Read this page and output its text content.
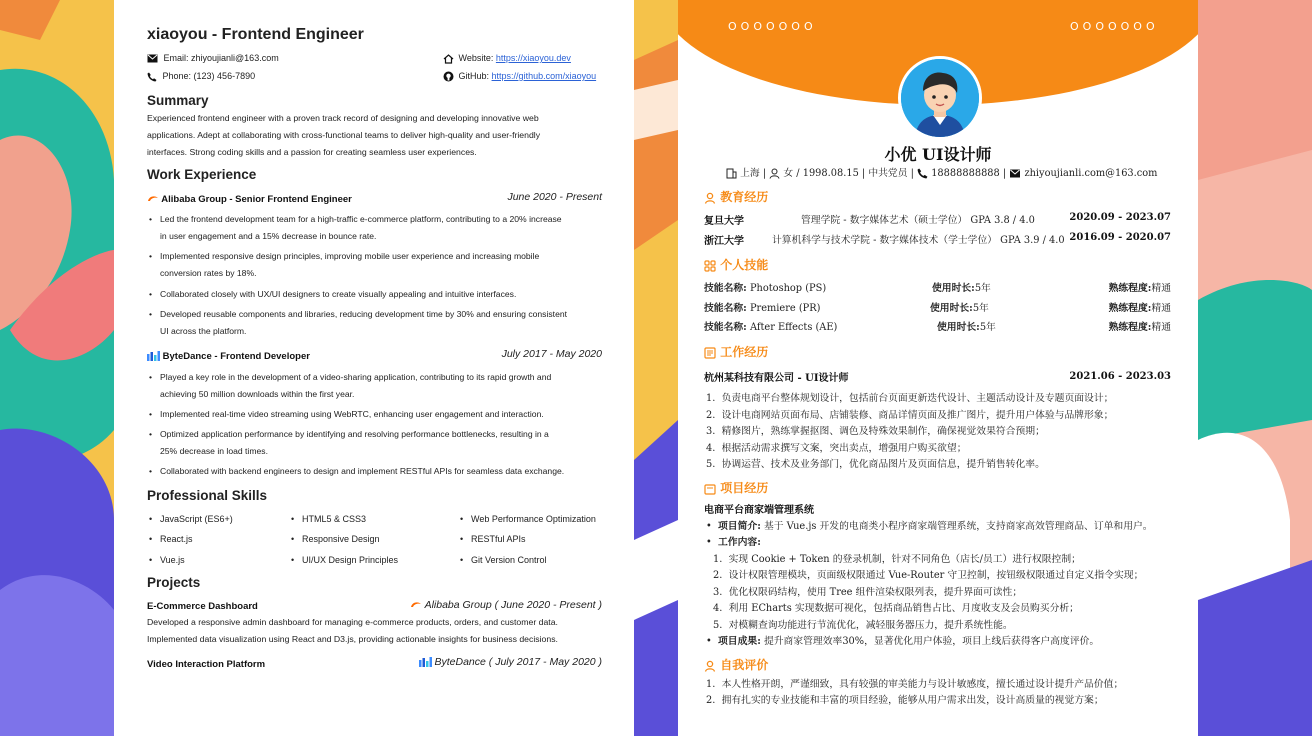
xiaoyou - Frontend Engineer
Email: zhiyoujianli@163.com
Phone: (123) 456-7890
Website: https://xiaoyou.dev
GitHub: https://github.com/xiaoyou
Summary
Experienced frontend engineer with a proven track record of designing and developing innovative web
applications. Adept at collaborating with cross-functional teams to deliver high-quality and user-friendly
interfaces. Strong coding skills and a passion for creating seamless user experiences.
Work Experience
Alibaba Group - Senior Frontend Engineer	June 2020 - Present
• Led the frontend development team for a high-traffic e-commerce platform, contributing to a 20% increase
in user engagement and a 15% decrease in bounce rate.
• Implemented responsive design principles, improving mobile user experience and increasing mobile
conversion rates by 18%.
• Collaborated closely with UX/UI designers to create visually appealing and intuitive interfaces.
• Developed reusable components and libraries, reducing development time by 30% and ensuring consistent
UI across the platform.
ByteDance - Frontend Developer	July 2017 - May 2020
• Played a key role in the development of a video-sharing application, contributing to its rapid growth and
achieving 50 million downloads within the first year.
• Implemented real-time video streaming using WebRTC, enhancing user engagement and interaction.
• Optimized application performance by identifying and resolving performance bottlenecks, resulting in a
25% decrease in load times.
• Collaborated with backend engineers to design and implement RESTful APIs for seamless data exchange.
Professional Skills
• JavaScript (ES6+)	• HTML5 & CSS3	• Web Performance Optimization
• React.js	• Responsive Design	• RESTful APIs
• Vue.js	• UI/UX Design Principles	• Git Version Control
Projects
E-Commerce Dashboard	Alibaba Group ( June 2020 - Present )
Developed a responsive admin dashboard for managing e-commerce products, orders, and customer data.
Implemented data visualization using React and D3.js, providing actionable insights for business decisions.
Video Interaction Platform	ByteDance ( July 2017 - May 2020 )
OOOOOOO	OOOOOOO
小优 UI设计师
上海 | 女 / 1998.08.15 | 中共党员 | 18888888888 | zhiyoujianli.com@163.com
教育经历
复旦大学	管理学院 - 数字媒体艺术（硕士学位） GPA 3.8 / 4.0	2020.09 - 2023.07
浙江大学	计算机科学与技术学院 - 数字媒体技术（学士学位） GPA 3.9 / 4.0 2016.09 - 2020.07
个人技能
技能名称: Photoshop (PS)	使用时长:5年	熟练程度:精通
技能名称: Premiere (PR)	使用时长:5年	熟练程度:精通
技能名称: After Effects (AE)	使用时长:5年	熟练程度:精通
工作经历
杭州某科技有限公司 - UI设计师	2021.06 - 2023.03
1.  负责电商平台整体规划设计，包括前台页面更新迭代设计、主题活动设计及专题页面设计；
2.  设计电商网站页面布局、店铺装修、商品详情页面及推广图片，提升用户体验与品牌形象；
3.  精修图片，熟练掌握抠图、调色及特殊效果制作，确保视觉效果符合预期；
4.  根据活动需求撰写文案，突出卖点，增强用户购买欲望；
5.  协调运营、技术及业务部门，优化商品图片及页面信息，提升销售转化率。
项目经历
电商平台商家端管理系统
•  项目简介: 基于 Vue.js 开发的电商类小程序商家端管理系统，支持商家高效管理商品、订单和用户。
•  工作内容:
1.  实现 Cookie + Token 的登录机制，针对不同角色（店长/员工）进行权限控制；
2.  设计权限管理模块，页面级权限通过 Vue-Router 守卫控制，按钮级权限通过自定义指令实现；
3.  优化权限码结构，使用 Tree 组件渲染权限列表，提升界面可读性；
4.  利用 ECharts 实现数据可视化，包括商品销售占比、月度收支及会员购买分析；
5.  对模糊查询功能进行节流优化，减轻服务器压力，提升系统性能。
•  项目成果: 提升商家管理效率30%，显著优化用户体验，项目上线后获得客户高度评价。
自我评价
1.  本人性格开朗，严谨细致，具有较强的审美能力与设计敏感度，擅长通过设计提升产品价值；
2.  拥有扎实的专业技能和丰富的项目经验，能够从用户需求出发，设计高质量的视觉方案；
